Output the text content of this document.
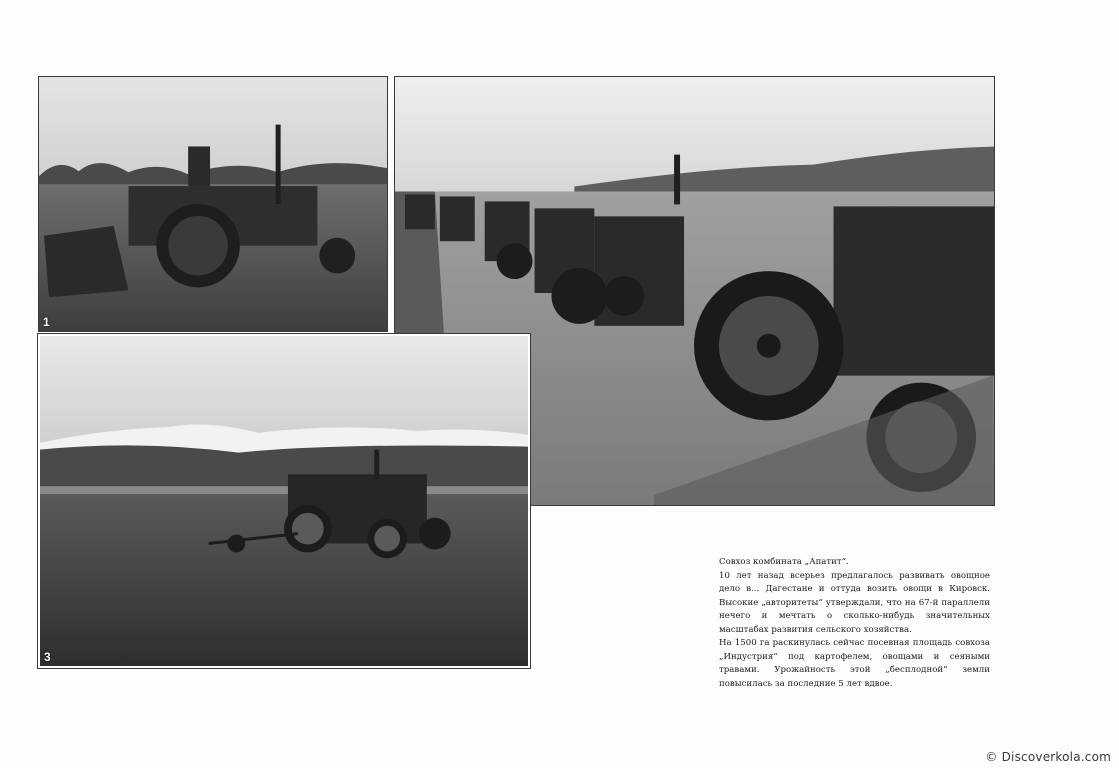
1
3

Совхоз комбината „Апатит“.

10 лет назад всерьез предлагалось развивать овощное дело в... Дагестане и оттуда возить овощи в Кировск. Высокие „авторитеты“ утверждали, что на 67-й параллели нечего и мечтать о сколько-нибудь значительных масштабах развития сельского хозяйства.

На 1500 га раскинулась сейчас посевная площадь совхоза „Индустрия“ под картофелем, овощами и сеяными травами. Урожайность этой „бесплодной“ земли повысилась за последние 5 лет вдвое.

© Discoverkola.com
